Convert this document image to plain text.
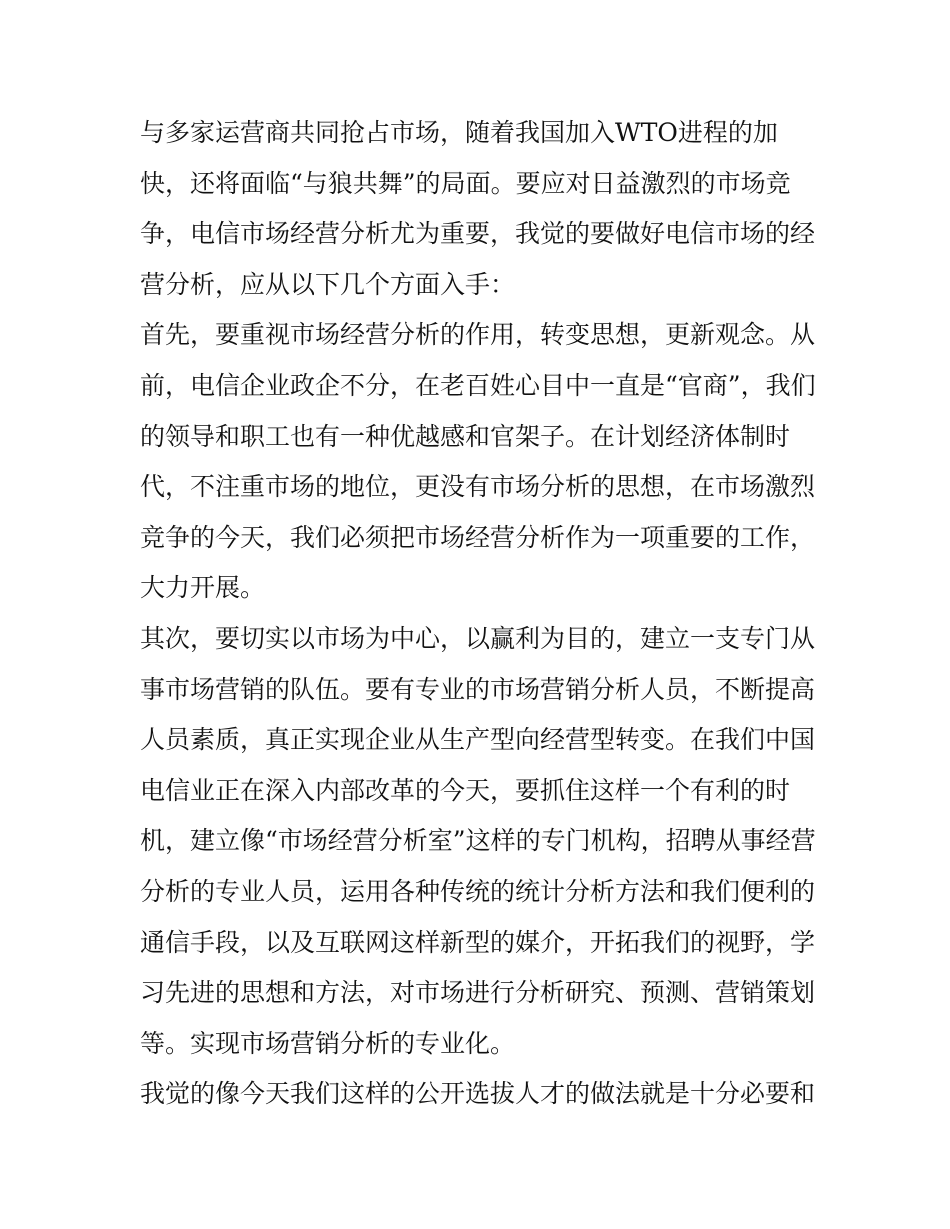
与多家运营商共同抢占市场，随着我国加入WTO进程的加
快，还将面临“与狼共舞”的局面。要应对日益激烈的市场竞
争，电信市场经营分析尤为重要，我觉的要做好电信市场的经
营分析，应从以下几个方面入手：
首先，要重视市场经营分析的作用，转变思想，更新观念。从
前，电信企业政企不分，在老百姓心目中一直是“官商”，我们
的领导和职工也有一种优越感和官架子。在计划经济体制时
代，不注重市场的地位，更没有市场分析的思想，在市场激烈
竞争的今天，我们必须把市场经营分析作为一项重要的工作，
大力开展。
其次，要切实以市场为中心，以赢利为目的，建立一支专门从
事市场营销的队伍。要有专业的市场营销分析人员，不断提高
人员素质，真正实现企业从生产型向经营型转变。在我们中国
电信业正在深入内部改革的今天，要抓住这样一个有利的时
机，建立像“市场经营分析室”这样的专门机构，招聘从事经营
分析的专业人员，运用各种传统的统计分析方法和我们便利的
通信手段，以及互联网这样新型的媒介，开拓我们的视野，学
习先进的思想和方法，对市场进行分析研究、预测、营销策划
等。实现市场营销分析的专业化。
我觉的像今天我们这样的公开选拔人才的做法就是十分必要和
